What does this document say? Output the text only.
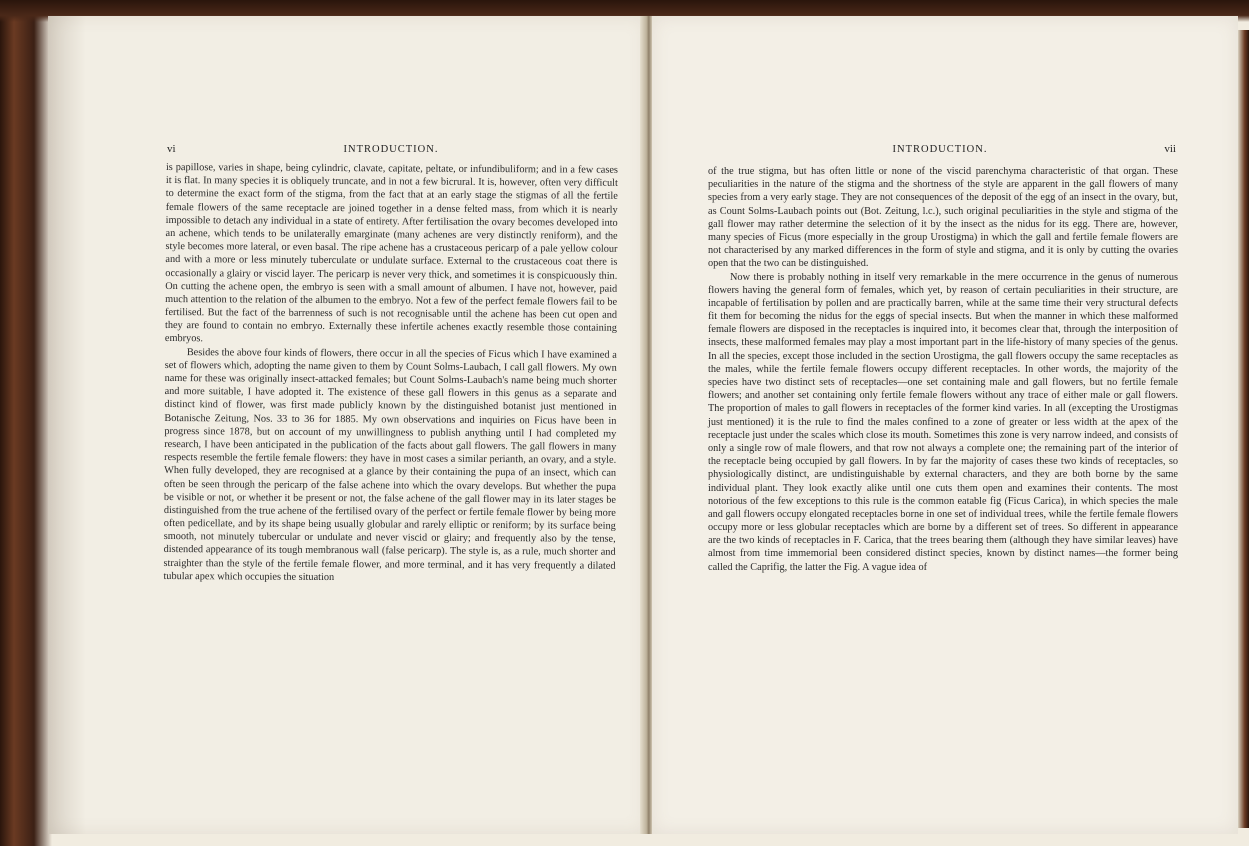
vi	INTRODUCTION.

is papillose, varies in shape, being cylindric, clavate, capitate, peltate, or infundibuliform; and in a few cases it is flat. In many species it is obliquely truncate, and in not a few bicrural. It is, however, often very difficult to determine the exact form of the stigma, from the fact that at an early stage the stigmas of all the fertile female flowers of the same receptacle are joined together in a dense felted mass, from which it is nearly impossible to detach any individual in a state of entirety. After fertilisation the ovary becomes developed into an achene, which tends to be unilaterally emarginate (many achenes are very distinctly reniform), and the style becomes more lateral, or even basal. The ripe achene has a crustaceous pericarp of a pale yellow colour and with a more or less minutely tuberculate or undulate surface. External to the crustaceous coat there is occasionally a glairy or viscid layer. The pericarp is never very thick, and sometimes it is conspicuously thin. On cutting the achene open, the embryo is seen with a small amount of albumen. I have not, however, paid much attention to the relation of the albumen to the embryo. Not a few of the perfect female flowers fail to be fertilised. But the fact of the barrenness of such is not recognisable until the achene has been cut open and they are found to contain no embryo. Externally these infertile achenes exactly resemble those containing embryos.

Besides the above four kinds of flowers, there occur in all the species of Ficus which I have examined a set of flowers which, adopting the name given to them by Count Solms-Laubach, I call gall flowers. My own name for these was originally insect-attacked females; but Count Solms-Laubach's name being much shorter and more suitable, I have adopted it. The existence of these gall flowers in this genus as a separate and distinct kind of flower, was first made publicly known by the distinguished botanist just mentioned in Botanische Zeitung, Nos. 33 to 36 for 1885. My own observations and inquiries on Ficus have been in progress since 1878, but on account of my unwillingness to publish anything until I had completed my research, I have been anticipated in the publication of the facts about gall flowers. The gall flowers in many respects resemble the fertile female flowers: they have in most cases a similar perianth, an ovary, and a style. When fully developed, they are recognised at a glance by their containing the pupa of an insect, which can often be seen through the pericarp of the false achene into which the ovary develops. But whether the pupa be visible or not, or whether it be present or not, the false achene of the gall flower may in its later stages be distinguished from the true achene of the fertilised ovary of the perfect or fertile female flower by being more often pedicellate, and by its shape being usually globular and rarely elliptic or reniform; by its surface being smooth, not minutely tubercular or undulate and never viscid or glairy; and frequently also by the tense, distended appearance of its tough membranous wall (false pericarp). The style is, as a rule, much shorter and straighter than the style of the fertile female flower, and more terminal, and it has very frequently a dilated tubular apex which occupies the situation

INTRODUCTION.	vii

of the true stigma, but has often little or none of the viscid parenchyma characteristic of that organ. These peculiarities in the nature of the stigma and the shortness of the style are apparent in the gall flowers of many species from a very early stage. They are not consequences of the deposit of the egg of an insect in the ovary, but, as Count Solms-Laubach points out (Bot. Zeitung, l.c.), such original peculiarities in the style and stigma of the gall flower may rather determine the selection of it by the insect as the nidus for its egg. There are, however, many species of Ficus (more especially in the group Urostigma) in which the gall and fertile female flowers are not characterised by any marked differences in the form of style and stigma, and it is only by cutting the ovaries open that the two can be distinguished.

Now there is probably nothing in itself very remarkable in the mere occurrence in the genus of numerous flowers having the general form of females, which yet, by reason of certain peculiarities in their structure, are incapable of fertilisation by pollen and are practically barren, while at the same time their very structural defects fit them for becoming the nidus for the eggs of special insects. But when the manner in which these malformed female flowers are disposed in the receptacles is inquired into, it becomes clear that, through the interposition of insects, these malformed females may play a most important part in the life-history of many species of the genus. In all the species, except those included in the section Urostigma, the gall flowers occupy the same receptacles as the males, while the fertile female flowers occupy different receptacles. In other words, the majority of the species have two distinct sets of receptacles—one set containing male and gall flowers, but no fertile female flowers; and another set containing only fertile female flowers without any trace of either male or gall flowers. The proportion of males to gall flowers in receptacles of the former kind varies. In all (excepting the Urostigmas just mentioned) it is the rule to find the males confined to a zone of greater or less width at the apex of the receptacle just under the scales which close its mouth. Sometimes this zone is very narrow indeed, and consists of only a single row of male flowers, and that row not always a complete one; the remaining part of the interior of the receptacle being occupied by gall flowers. In by far the majority of cases these two kinds of receptacles, so physiologically distinct, are undistinguishable by external characters, and they are both borne by the same individual plant. They look exactly alike until one cuts them open and examines their contents. The most notorious of the few exceptions to this rule is the common eatable fig (Ficus Carica), in which species the male and gall flowers occupy elongated receptacles borne in one set of individual trees, while the fertile female flowers occupy more or less globular receptacles which are borne by a different set of trees. So different in appearance are the two kinds of receptacles in F. Carica, that the trees bearing them (although they have similar leaves) have almost from time immemorial been considered distinct species, known by distinct names—the former being called the Caprifig, the latter the Fig. A vague idea of
